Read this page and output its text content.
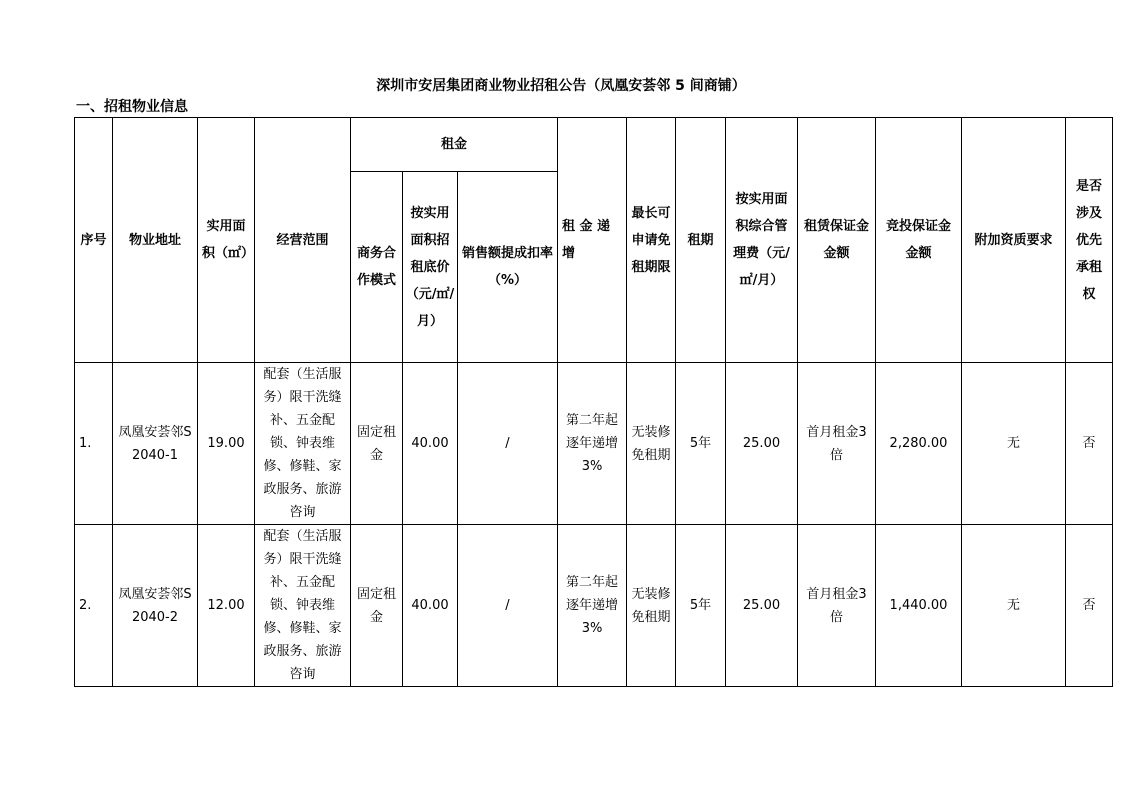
深圳市安居集团商业物业招租公告（凤凰安荟邻 5 间商铺）
一、招租物业信息
序号	物业地址	实用面积（㎡）	经营范围	租金			租 金 递 增	最长可申请免租期限	租期	按实用面积综合管理费（元/㎡/月）	租赁保证金金额	竞投保证金金额	附加资质要求	是否涉及优先承租权
				商务合作模式	按实用面积招租底价（元/㎡/月）	销售额提成扣率（%）								
1.	凤凰安荟邻S2040-1	19.00	配套（生活服务）限干洗缝补、五金配锁、钟表维修、修鞋、家政服务、旅游咨询	固定租金	40.00	/	第二年起逐年递增3%	无装修免租期	5年	25.00	首月租金3倍	2,280.00	无	否
2.	凤凰安荟邻S2040-2	12.00	配套（生活服务）限干洗缝补、五金配锁、钟表维修、修鞋、家政服务、旅游咨询	固定租金	40.00	/	第二年起逐年递增3%	无装修免租期	5年	25.00	首月租金3倍	1,440.00	无	否
